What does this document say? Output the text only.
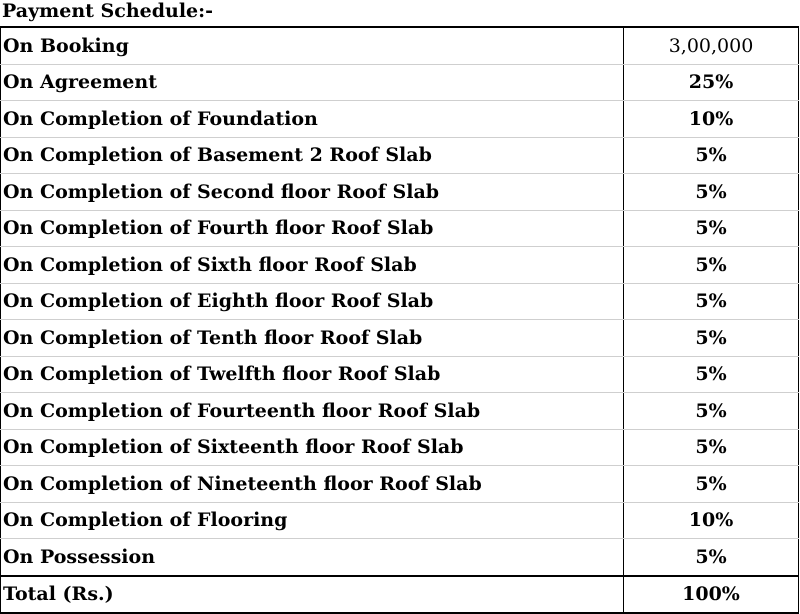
Payment Schedule:-
On Booking	3,00,000
On Agreement	25%
On Completion of Foundation	10%
On Completion of Basement 2 Roof Slab	5%
On Completion of Second floor Roof Slab	5%
On Completion of Fourth floor Roof Slab	5%
On Completion of Sixth floor Roof Slab	5%
On Completion of Eighth floor Roof Slab	5%
On Completion of Tenth floor Roof Slab	5%
On Completion of Twelfth floor Roof Slab	5%
On Completion of Fourteenth floor Roof Slab	5%
On Completion of Sixteenth floor Roof Slab	5%
On Completion of Nineteenth floor Roof Slab	5%
On Completion of Flooring	10%
On Possession	5%
Total (Rs.)	100%
